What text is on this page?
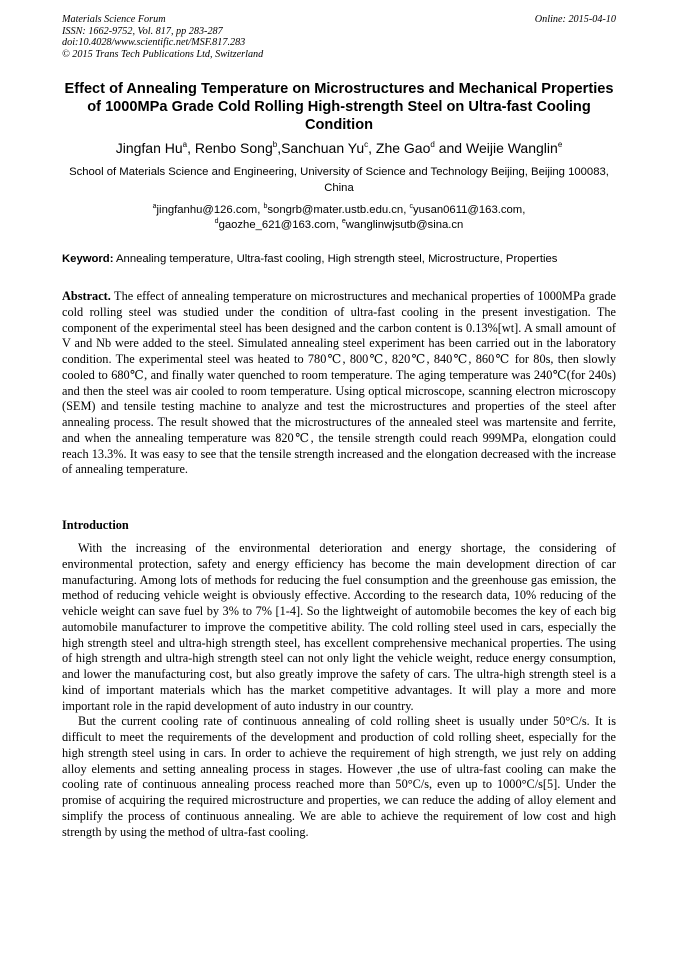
Materials Science Forum
ISSN: 1662-9752, Vol. 817, pp 283-287
doi:10.4028/www.scientific.net/MSF.817.283
© 2015 Trans Tech Publications Ltd, Switzerland
Online: 2015-04-10
Effect of Annealing Temperature on Microstructures and Mechanical Properties of 1000MPa Grade Cold Rolling High-strength Steel on Ultra-fast Cooling Condition
Jingfan Hu$^a$, Renbo Song$^b$,Sanchuan Yu$^c$, Zhe Gao$^d$ and Weijie Wanglin$^e$
School of Materials Science and Engineering, University of Science and Technology Beijing, Beijing 100083, China
$^a$jingfanhu@126.com, $^b$songrb@mater.ustb.edu.cn, $^c$yusan0611@163.com,
$^d$gaozhe_621@163.com, $^e$wanglinwjsutb@sina.cn
Keyword: Annealing temperature, Ultra-fast cooling, High strength steel, Microstructure, Properties

Abstract. The effect of annealing temperature on microstructures and mechanical properties of 1000MPa grade cold rolling steel was studied under the condition of ultra-fast cooling in the present investigation. The component of the experimental steel has been designed and the carbon content is 0.13%[wt]. A small amount of V and Nb were added to the steel. Simulated annealing steel experiment has been carried out in the laboratory condition. The experimental steel was heated to 780℃, 800℃, 820℃, 840℃, 860℃ for 80s, then slowly cooled to 680℃, and finally water quenched to room temperature. The aging temperature was 240℃(for 240s) and then the steel was air cooled to room temperature. Using optical microscope, scanning electron microscopy (SEM) and tensile testing machine to analyze and test the microstructures and properties of the steel after annealing process. The result showed that the microstructures of the annealed steel was martensite and ferrite, and when the annealing temperature was 820℃, the tensile strength could reach 999MPa, elongation could reach 13.3%. It was easy to see that the tensile strength increased and the elongation decreased with the increase of annealing temperature.

Introduction

With the increasing of the environmental deterioration and energy shortage, the considering of environmental protection, safety and energy efficiency has become the main development direction of car manufacturing. Among lots of methods for reducing the fuel consumption and the greenhouse gas emission, the method of reducing vehicle weight is obviously effective. According to the research data, 10% reducing of the vehicle weight can save fuel by 3% to 7% [1-4]. So the lightweight of automobile becomes the key of each big automobile manufacturer to improve the competitive ability. The cold rolling steel used in cars, especially the high strength steel and ultra-high strength steel, has excellent comprehensive mechanical properties. The using of high strength and ultra-high strength steel can not only light the vehicle weight, reduce energy consumption, and lower the manufacturing cost, but also greatly improve the safety of cars. The ultra-high strength steel is a kind of important materials which has the market competitive advantages. It will play a more and more important role in the rapid development of auto industry in our country.

But the current cooling rate of continuous annealing of cold rolling sheet is usually under 50°C/s. It is difficult to meet the requirements of the development and production of cold rolling sheet, especially for the high strength steel using in cars. In order to achieve the requirement of high strength, we just rely on adding alloy elements and setting annealing process in stages. However ,the use of ultra-fast cooling can make the cooling rate of continuous annealing process reached more than 50°C/s, even up to 1000°C/s[5]. Under the promise of acquiring the required microstructure and properties, we can reduce the adding of alloy element and simplify the process of continuous annealing. We are able to achieve the requirement of low cost and high strength by using the method of ultra-fast cooling.
